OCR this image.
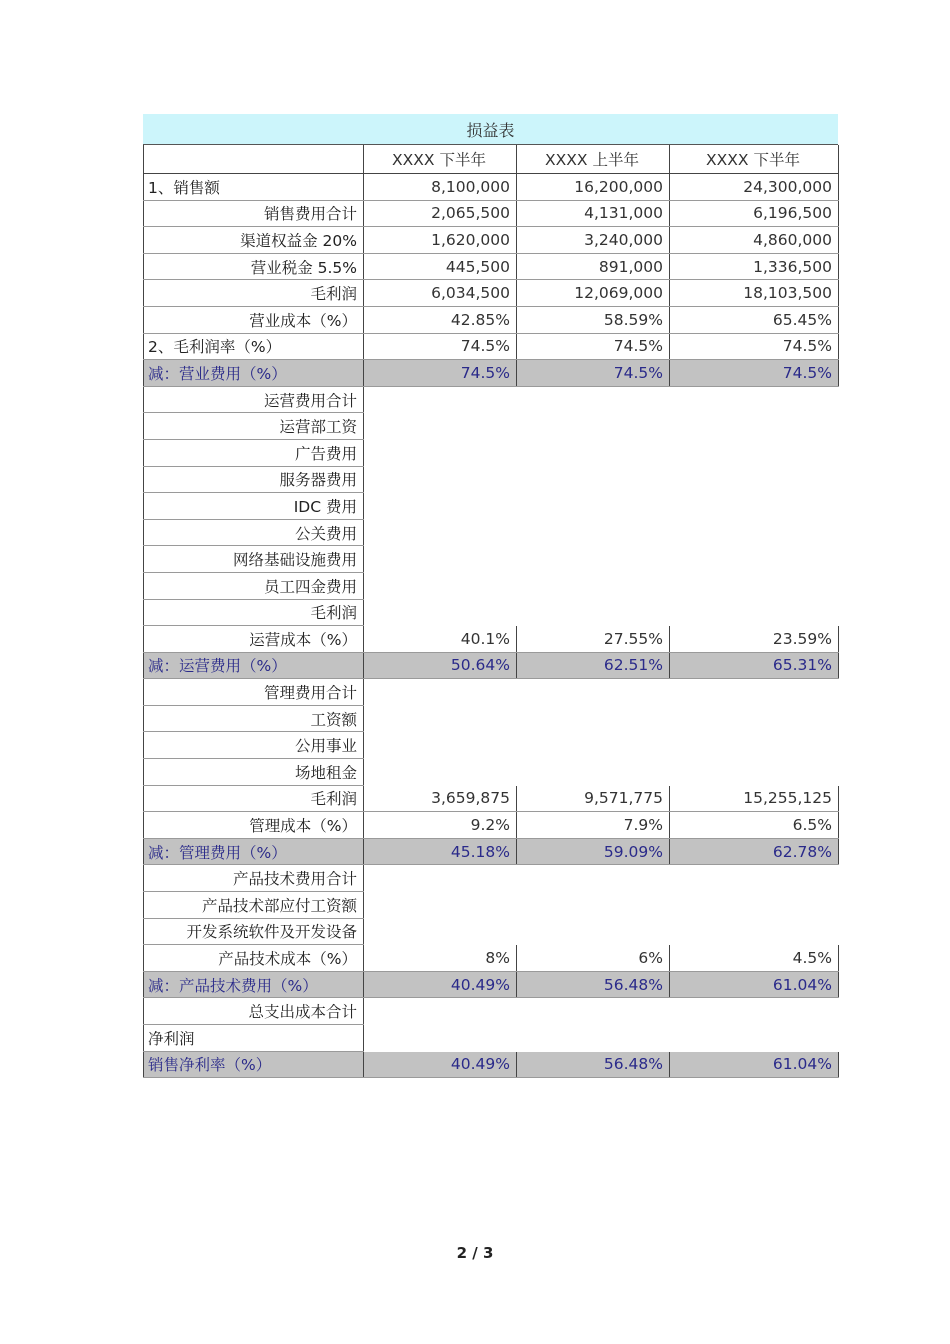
损益表
	XXXX 下半年	XXXX 上半年	XXXX 下半年
1、销售额	8,100,000	16,200,000	24,300,000
销售费用合计	2,065,500	4,131,000	6,196,500
渠道权益金 20%	1,620,000	3,240,000	4,860,000
营业税金 5.5%	445,500	891,000	1,336,500
毛利润	6,034,500	12,069,000	18,103,500
营业成本（%）	42.85%	58.59%	65.45%
2、毛利润率（%）	74.5%	74.5%	74.5%
减：营业费用（%）	74.5%	74.5%	74.5%
运营费用合计			
运营部工资			
广告费用			
服务器费用			
IDC 费用			
公关费用			
网络基础设施费用			
员工四金费用			
毛利润			
运营成本（%）	40.1%	27.55%	23.59%
减：运营费用（%）	50.64%	62.51%	65.31%
管理费用合计			
工资额			
公用事业			
场地租金			
毛利润	3,659,875	9,571,775	15,255,125
管理成本（%）	9.2%	7.9%	6.5%
减：管理费用（%）	45.18%	59.09%	62.78%
产品技术费用合计			
产品技术部应付工资额			
开发系统软件及开发设备			
产品技术成本（%）	8%	6%	4.5%
减：产品技术费用（%）	40.49%	56.48%	61.04%
总支出成本合计			
净利润			
销售净利率（%）	40.49%	56.48%	61.04%
2 / 3
